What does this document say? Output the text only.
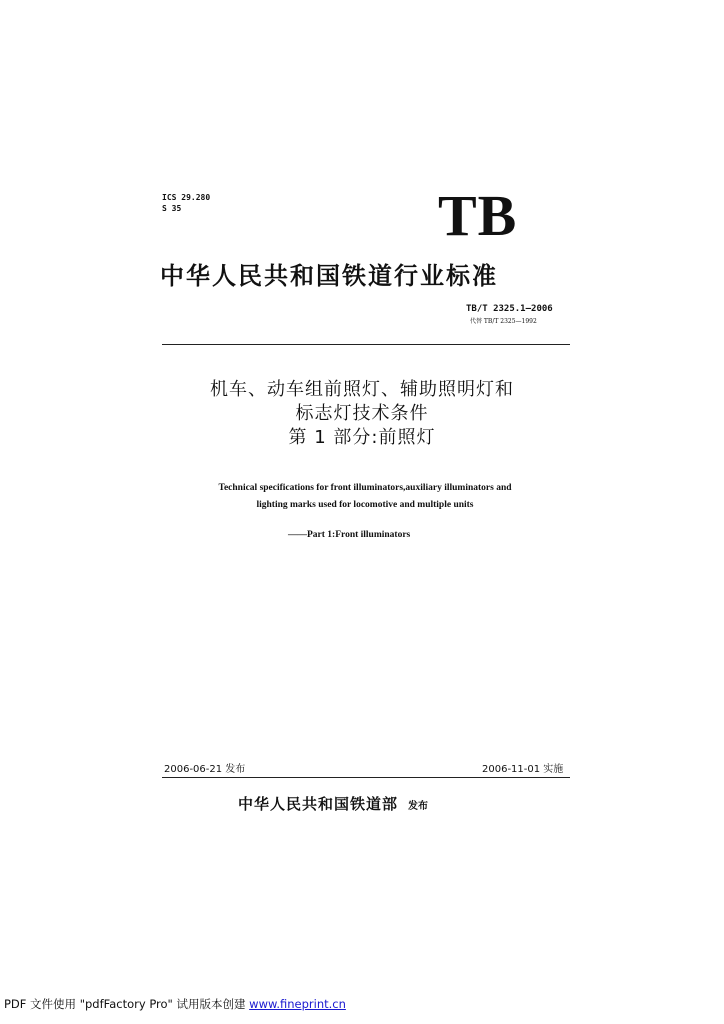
ICS 29.280
S 35	TB
中华人民共和国铁道行业标准
TB/T 2325.1—2006
代替 TB/T 2325—1992
机车、动车组前照灯、辅助照明灯和
标志灯技术条件
第 1 部分:前照灯
Technical specifications for front illuminators,auxiliary illuminators and
lighting marks used for locomotive and multiple units
——Part 1:Front illuminators
2006-06-21 发布	2006-11-01 实施
中华人民共和国铁道部 发布
PDF 文件使用 "pdfFactory Pro" 试用版本创建 www.fineprint.cn
